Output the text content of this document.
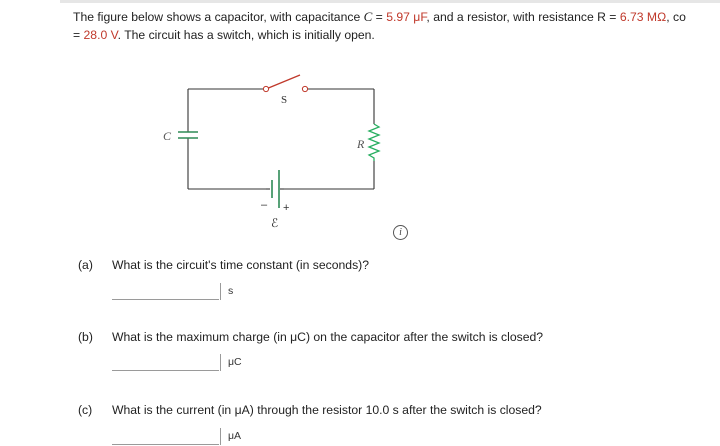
The figure below shows a capacitor, with capacitance C = 5.97 μF, and a resistor, with resistance R = 6.73 MΩ, co
= 28.0 V. The circuit has a switch, which is initially open.
S
C
R
– +
ℰ
i
(a) What is the circuit's time constant (in seconds)?
s
(b) What is the maximum charge (in μC) on the capacitor after the switch is closed?
μC
(c) What is the current (in μA) through the resistor 10.0 s after the switch is closed?
μA
